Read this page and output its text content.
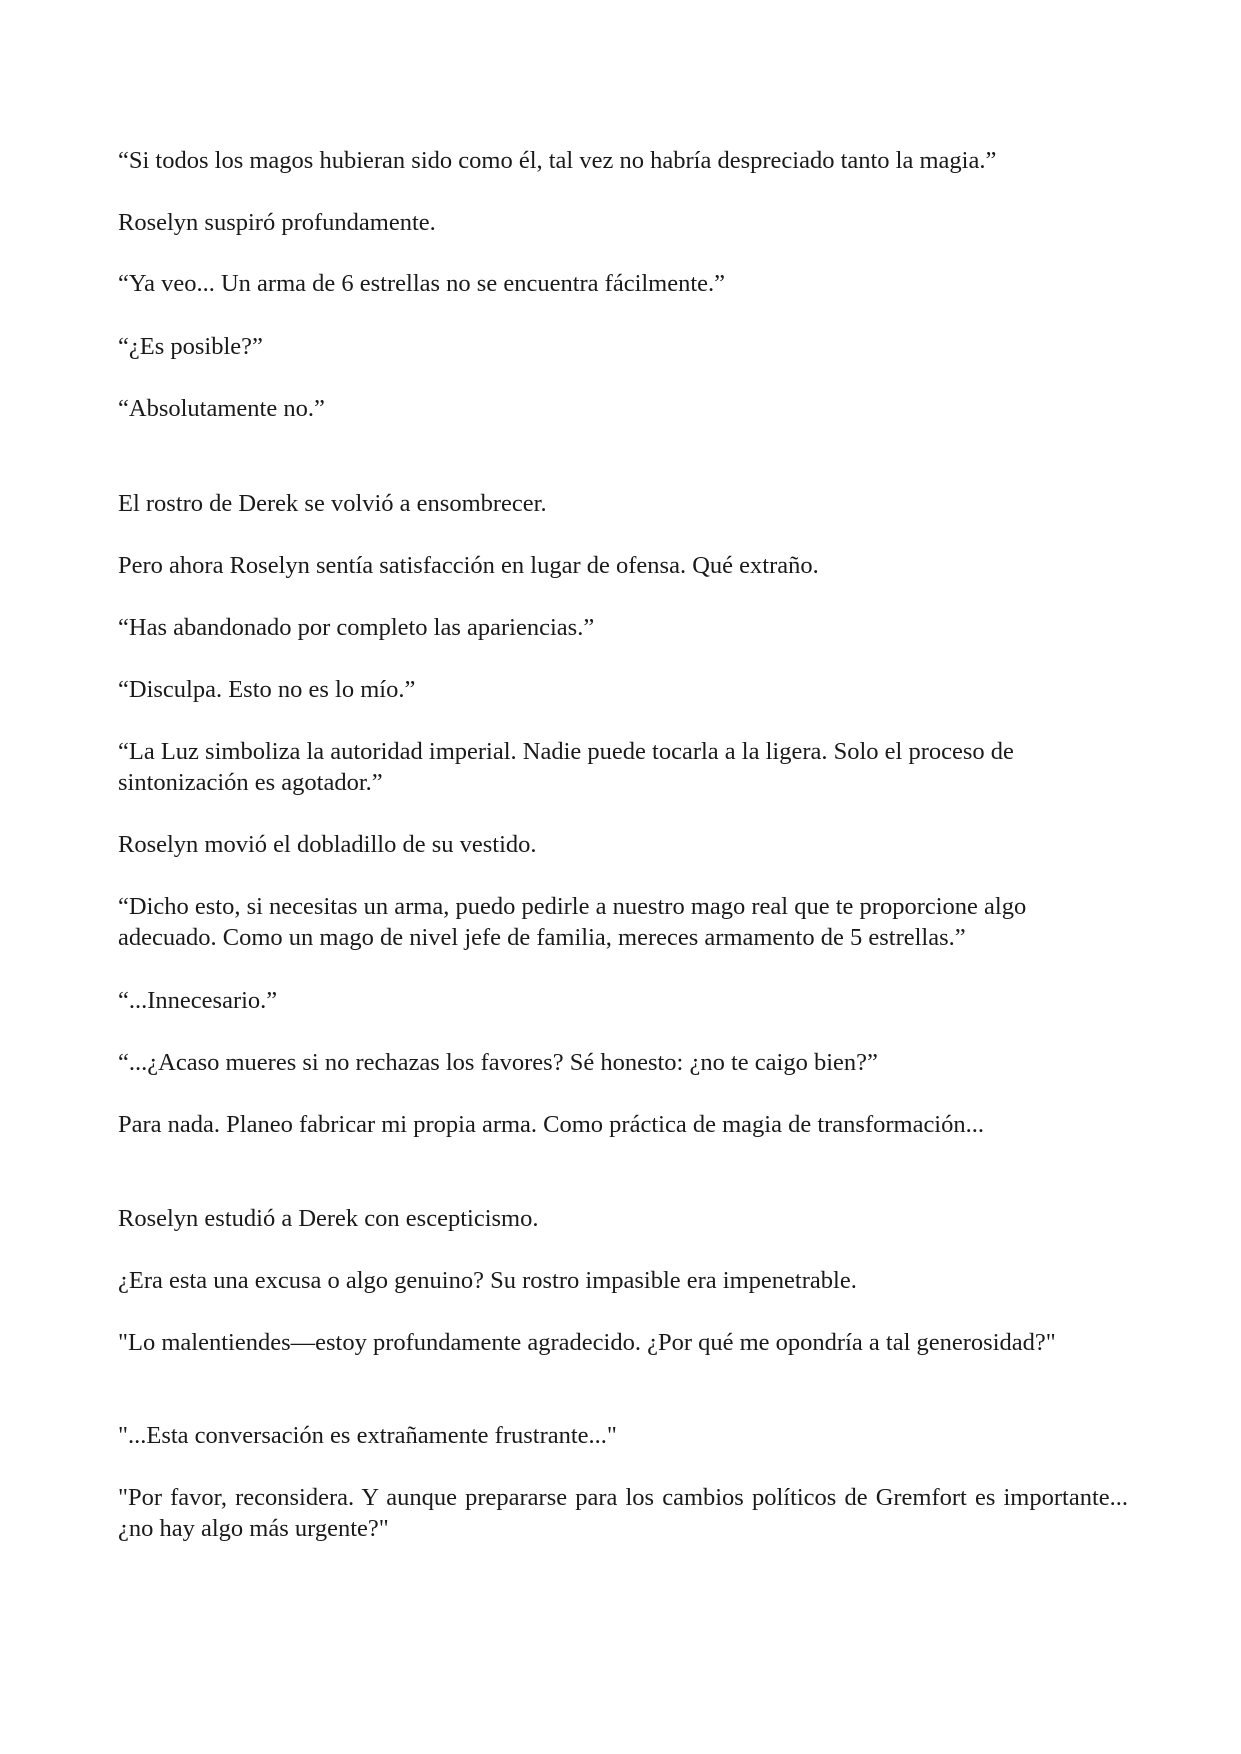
“Si todos los magos hubieran sido como él, tal vez no habría despreciado tanto la magia.”

Roselyn suspiró profundamente.

“Ya veo... Un arma de 6 estrellas no se encuentra fácilmente.”

“¿Es posible?”

“Absolutamente no.”

El rostro de Derek se volvió a ensombrecer.

Pero ahora Roselyn sentía satisfacción en lugar de ofensa. Qué extraño.

“Has abandonado por completo las apariencias.”

“Disculpa. Esto no es lo mío.”

“La Luz simboliza la autoridad imperial. Nadie puede tocarla a la ligera. Solo el proceso de sintonización es agotador.”

Roselyn movió el dobladillo de su vestido.

“Dicho esto, si necesitas un arma, puedo pedirle a nuestro mago real que te proporcione algo adecuado. Como un mago de nivel jefe de familia, mereces armamento de 5 estrellas.”

“...Innecesario.”

“...¿Acaso mueres si no rechazas los favores? Sé honesto: ¿no te caigo bien?”

Para nada. Planeo fabricar mi propia arma. Como práctica de magia de transformación...

Roselyn estudió a Derek con escepticismo.

¿Era esta una excusa o algo genuino? Su rostro impasible era impenetrable.

"Lo malentiendes—estoy profundamente agradecido. ¿Por qué me opondría a tal generosidad?"

"...Esta conversación es extrañamente frustrante..."

"Por favor, reconsidera. Y aunque prepararse para los cambios políticos de Gremfort es importante... ¿no hay algo más urgente?"
